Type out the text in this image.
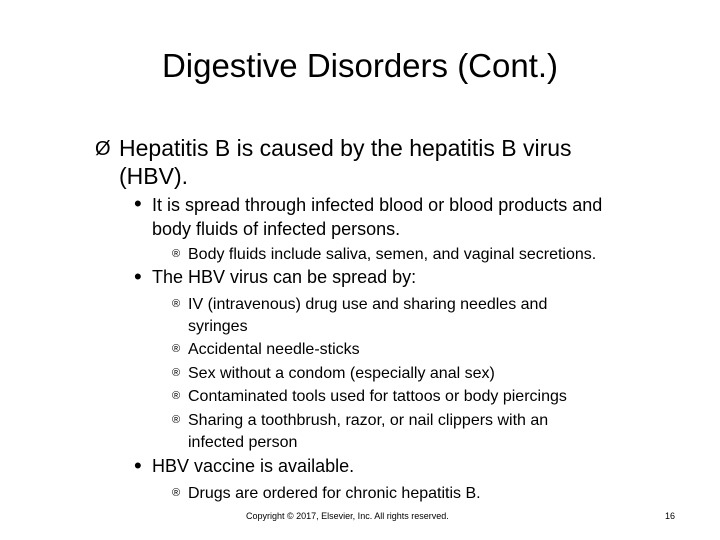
Digestive Disorders (Cont.)
Ø Hepatitis B is caused by the hepatitis B virus
(HBV).
• It is spread through infected blood or blood products and
body fluids of infected persons.
® Body fluids include saliva, semen, and vaginal secretions.
• The HBV virus can be spread by:
® IV (intravenous) drug use and sharing needles and
syringes
® Accidental needle-sticks
® Sex without a condom (especially anal sex)
® Contaminated tools used for tattoos or body piercings
® Sharing a toothbrush, razor, or nail clippers with an
infected person
• HBV vaccine is available.
® Drugs are ordered for chronic hepatitis B.
Copyright © 2017, Elsevier, Inc. All rights reserved.	16
